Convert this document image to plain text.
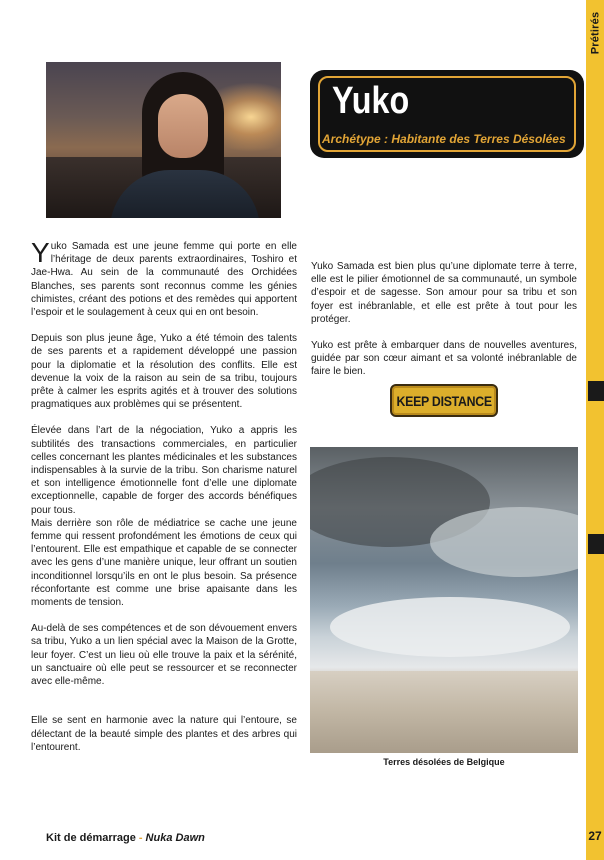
Prétirés
27
Yuko
Archétype : Habitante des Terres Désolées

Yuko Samada est une jeune femme qui porte en elle l’héritage de deux parents extraordinaires, Toshiro et Jae-Hwa. Au sein de la communauté des Orchidées Blanches, ses parents sont reconnus comme les génies chimistes, créant des potions et des remèdes qui apportent l’espoir et le soulagement à ceux qui en ont besoin.

Depuis son plus jeune âge, Yuko a été témoin des talents de ses parents et a rapidement développé une passion pour la diplomatie et la résolution des conflits. Elle est devenue la voix de la raison au sein de sa tribu, toujours prête à calmer les esprits agités et à trouver des solutions pragmatiques aux problèmes qui se présentent.

Élevée dans l’art de la négociation, Yuko a appris les subtilités des transactions commerciales, en particulier celles concernant les plantes médicinales et les substances indispensables à la survie de la tribu. Son charisme naturel et son intelligence émotionnelle font d’elle une diplomate exceptionnelle, capable de forger des accords bénéfiques pour tous.

Mais derrière son rôle de médiatrice se cache une jeune femme qui ressent profondément les émotions de ceux qui l’entourent. Elle est empathique et capable de se connecter avec les gens d’une manière unique, leur offrant un soutien inconditionnel lorsqu’ils en ont le plus besoin. Sa présence réconfortante est comme une brise apaisante dans les moments de tension.

Au-delà de ses compétences et de son dévouement envers sa tribu, Yuko a un lien spécial avec la Maison de la Grotte, leur foyer. C’est un lieu où elle trouve la paix et la sérénité, un sanctuaire où elle peut se ressourcer et se reconnecter avec elle-même.

Elle se sent en harmonie avec la nature qui l’entoure, se délectant de la beauté simple des plantes et des arbres qui l’entourent.

Yuko Samada est bien plus qu’une diplomate terre à terre, elle est le pilier émotionnel de sa communauté, un symbole d’espoir et de sagesse. Son amour pour sa tribu et son foyer est inébranlable, et elle est prête à tout pour les protéger.

Yuko est prête à embarquer dans de nouvelles aventures, guidée par son cœur aimant et sa volonté inébranlable de faire le bien.

KEEP DISTANCE
Terres désolées de Belgique
Kit de démarrage - Nuka Dawn
